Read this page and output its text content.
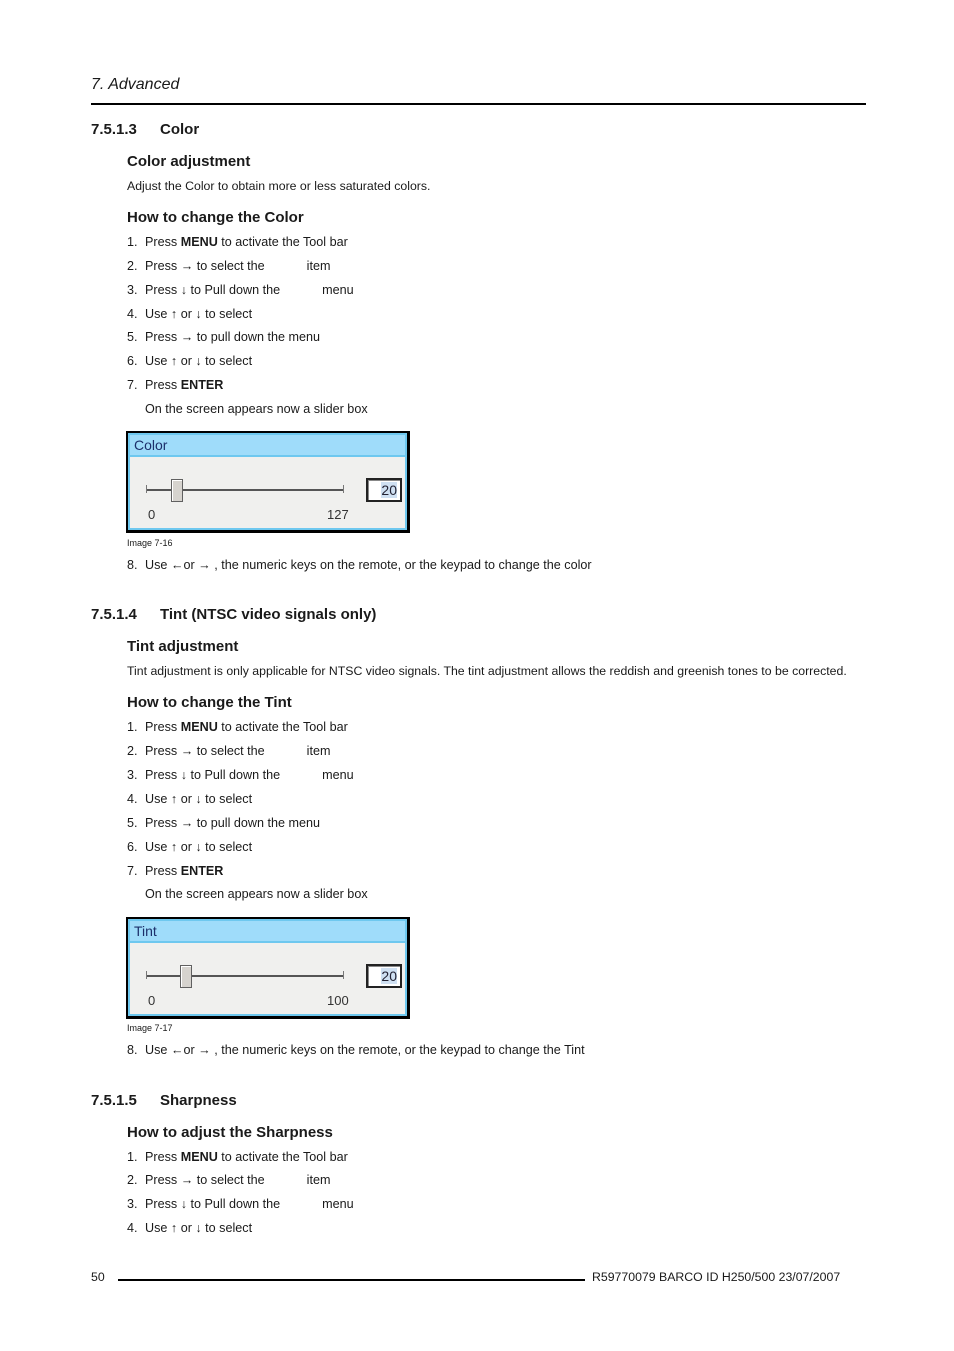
7. Advanced
7.5.1.3 Color
Color adjustment
Adjust the Color to obtain more or less saturated colors.
How to change the Color
1. Press MENU to activate the Tool bar
2. Press → to select the            item
3. Press ↓ to Pull down the            menu
4. Use ↑ or ↓ to select
5. Press → to pull down the menu
6. Use ↑ or ↓ to select
7. Press ENTER
On the screen appears now a slider box
Color
20
0	127
Image 7-16
8. Use ←or → , the numeric keys on the remote, or the keypad to change the color
7.5.1.4 Tint (NTSC video signals only)
Tint adjustment
Tint adjustment is only applicable for NTSC video signals. The tint adjustment allows the reddish and greenish tones to be corrected.
How to change the Tint
1. Press MENU to activate the Tool bar
2. Press → to select the            item
3. Press ↓ to Pull down the            menu
4. Use ↑ or ↓ to select
5. Press → to pull down the menu
6. Use ↑ or ↓ to select
7. Press ENTER
On the screen appears now a slider box
Tint
20
0	100
Image 7-17
8. Use ←or → , the numeric keys on the remote, or the keypad to change the Tint
7.5.1.5 Sharpness
How to adjust the Sharpness
1. Press MENU to activate the Tool bar
2. Press → to select the            item
3. Press ↓ to Pull down the            menu
4. Use ↑ or ↓ to select
50	R59770079 BARCO ID H250/500 23/07/2007
